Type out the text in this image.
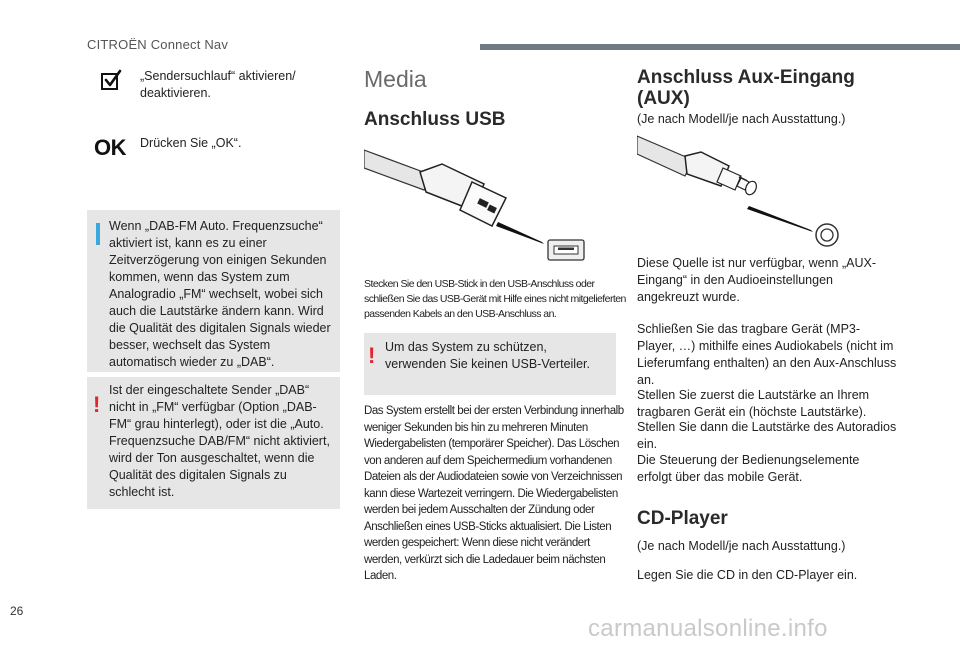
CITROËN Connect Nav
„Sendersuchlauf“ aktivieren/ deaktivieren.
OK Drücken Sie „OK“.
Wenn „DAB-FM Auto. Frequenzsuche“ aktiviert ist, kann es zu einer Zeitverzögerung von einigen Sekunden kommen, wenn das System zum Analogradio „FM“ wechselt, wobei sich auch die Lautstärke ändern kann. Wird die Qualität des digitalen Signals wieder besser, wechselt das System automatisch wieder zu „DAB“.
!
Ist der eingeschaltete Sender „DAB“ nicht in „FM“ verfügbar (Option „DAB-FM“ grau hinterlegt), oder ist die „Auto. Frequenzsuche DAB/FM“ nicht aktiviert, wird der Ton ausgeschaltet, wenn die Qualität des digitalen Signals zu schlecht ist.
Media
Anschluss USB
Stecken Sie den USB-Stick in den USB-Anschluss oder schließen Sie das USB-Gerät mit Hilfe eines nicht mitgelieferten passenden Kabels an den USB-Anschluss an.
! Um das System zu schützen, verwenden Sie keinen USB-Verteiler.
Das System erstellt bei der ersten Verbindung innerhalb weniger Sekunden bis hin zu mehreren Minuten Wiedergabelisten (temporärer Speicher). Das Löschen von anderen auf dem Speichermedium vorhandenen Dateien als der Audiodateien sowie von Verzeichnissen kann diese Wartezeit verringern. Die Wiedergabelisten werden bei jedem Ausschalten der Zündung oder Anschließen eines USB-Sticks aktualisiert. Die Listen werden gespeichert: Wenn diese nicht verändert werden, verkürzt sich die Ladedauer beim nächsten Laden.
Anschluss Aux-Eingang
(AUX)
(Je nach Modell/je nach Ausstattung.)
Diese Quelle ist nur verfügbar, wenn „AUX-Eingang“ in den Audioeinstellungen angekreuzt wurde.
Schließen Sie das tragbare Gerät (MP3-Player, …) mithilfe eines Audiokabels (nicht im Lieferumfang enthalten) an den Aux-Anschluss an.
Stellen Sie zuerst die Lautstärke an Ihrem tragbaren Gerät ein (höchste Lautstärke).
Stellen Sie dann die Lautstärke des Autoradios ein.
Die Steuerung der Bedienungselemente erfolgt über das mobile Gerät.
CD-Player
(Je nach Modell/je nach Ausstattung.)
Legen Sie die CD in den CD-Player ein.
26
carmanualsonline.info
